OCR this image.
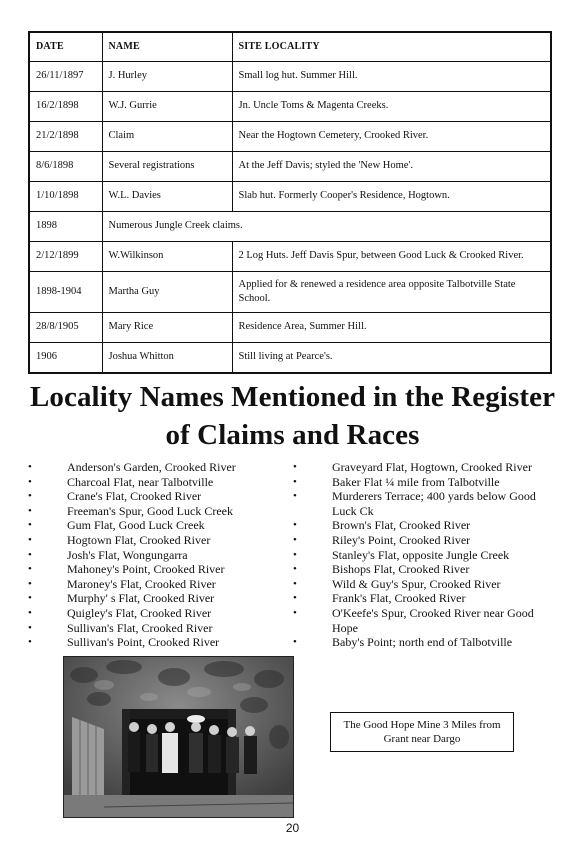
DATE	NAME	SITE LOCALITY
26/11/1897	J. Hurley	Small log hut. Summer Hill.
16/2/1898	W.J. Gurrie	Jn. Uncle Toms & Magenta Creeks.
21/2/1898	Claim	Near the Hogtown Cemetery, Crooked River.
8/6/1898	Several registrations	At the Jeff Davis; styled the 'New Home'.
1/10/1898	W.L. Davies	Slab hut. Formerly Cooper's Residence, Hogtown.
1898	Numerous Jungle Creek claims.	
2/12/1899	W.Wilkinson	2 Log Huts. Jeff Davis Spur, between Good Luck & Crooked River.
1898-1904	Martha Guy	Applied for & renewed a residence area opposite Talbotville State School.
28/8/1905	Mary Rice	Residence Area, Summer Hill.
1906	Joshua Whitton	Still living at Pearce's.
Locality Names Mentioned in the Register
of Claims and Races
•	Anderson's Garden, Crooked River
•	Charcoal Flat, near Talbotville
•	Crane's Flat, Crooked River
•	Freeman's Spur, Good Luck Creek
•	Gum Flat, Good Luck Creek
•	Hogtown Flat, Crooked River
•	Josh's Flat, Wongungarra
•	Mahoney's Point, Crooked River
•	Maroney's Flat, Crooked River
•	Murphy' s Flat, Crooked River
•	Quigley's Flat, Crooked River
•	Sullivan's Flat, Crooked River
•	Sullivan's Point, Crooked River
•	Graveyard Flat, Hogtown, Crooked River
•	Baker Flat ¼ mile from Talbotville
•	Murderers Terrace; 400 yards below Good Luck Ck
•	Brown's Flat, Crooked River
•	Riley's Point, Crooked River
•	Stanley's Flat, opposite Jungle Creek
•	Bishops Flat, Crooked River
•	Wild & Guy's Spur, Crooked River
•	Frank's Flat, Crooked River
•	O'Keefe's Spur, Crooked River near Good Hope
•	Baby's Point; north end of Talbotville
The Good Hope Mine 3 Miles from Grant near Dargo
20
